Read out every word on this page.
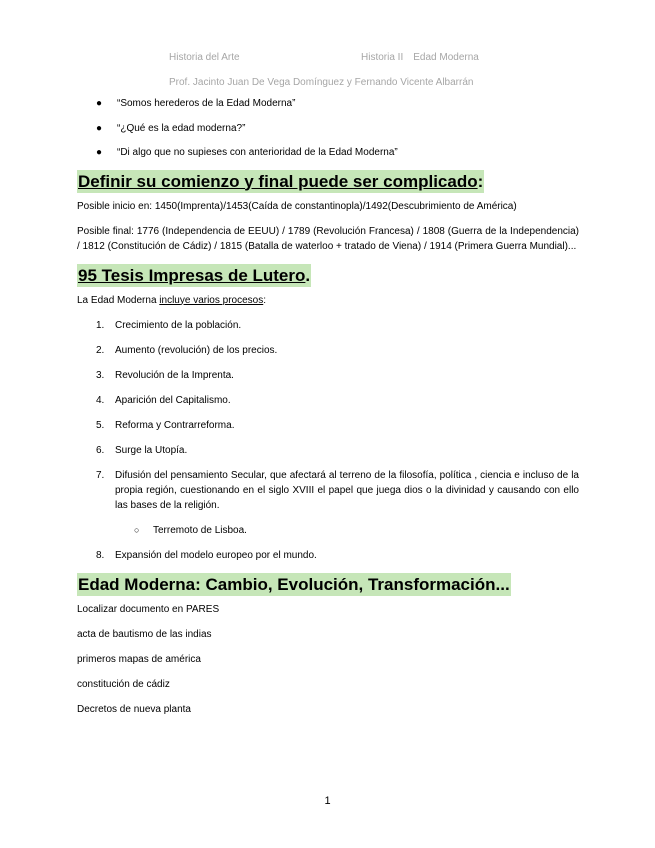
Historia del Arte	Historia II Edad Moderna
Prof. Jacinto Juan De Vega Domínguez y Fernando Vicente Albarrán
● “Somos herederos de la Edad Moderna”
● “¿Qué es la edad moderna?”
● “Di algo que no supieses con anterioridad de la Edad Moderna”
Definir su comienzo y final puede ser complicado:

Posible inicio en: 1450(Imprenta)/1453(Caída de constantinopla)/1492(Descubrimiento de América)

Posible final: 1776 (Independencia de EEUU) / 1789 (Revolución Francesa) / 1808 (Guerra de la Independencia) / 1812 (Constitución de Cádiz) / 1815 (Batalla de waterloo + tratado de Viena) / 1914 (Primera Guerra Mundial)...

95 Tesis Impresas de Lutero.

La Edad Moderna incluye varios procesos:

1. Crecimiento de la población.
2. Aumento (revolución) de los precios.
3. Revolución de la Imprenta.
4. Aparición del Capitalismo.
5. Reforma y Contrarreforma.
6. Surge la Utopía.
7. Difusión del pensamiento Secular, que afectará al terreno de la filosofía, política , ciencia e incluso de la propia región, cuestionando en el siglo XVIII el papel que juega dios o la divinidad y causando con ello las bases de la religión.
○ Terremoto de Lisboa.
8. Expansión del modelo europeo por el mundo.
Edad Moderna: Cambio, Evolución, Transformación...

Localizar documento en PARES

acta de bautismo de las indias

primeros mapas de américa

constitución de cádiz

Decretos de nueva planta

1
